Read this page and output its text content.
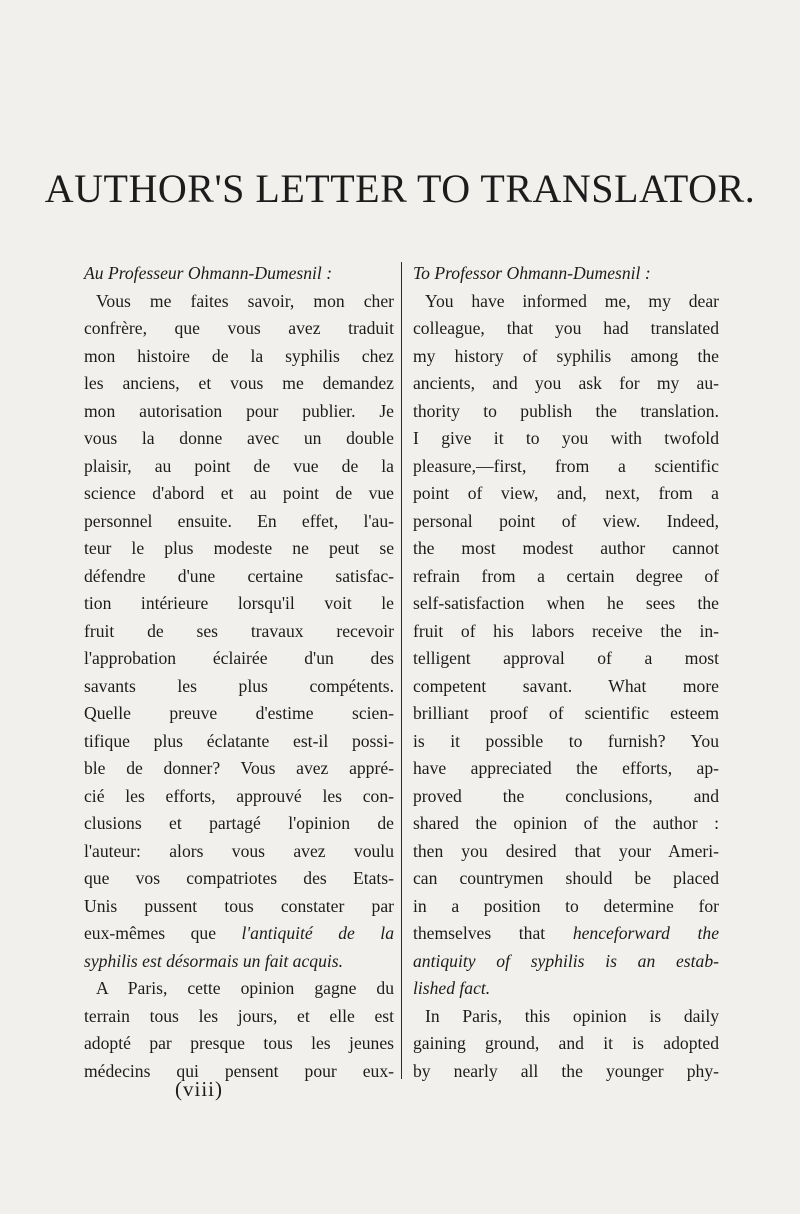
AUTHOR'S LETTER TO TRANSLATOR.
Au Professeur Ohmann-Dumesnil :
Vous me faites savoir, mon cher
confrère, que vous avez traduit
mon histoire de la syphilis chez
les anciens, et vous me demandez
mon autorisation pour publier. Je
vous la donne avec un double
plaisir, au point de vue de la
science d'abord et au point de vue
personnel ensuite. En effet, l'au-
teur le plus modeste ne peut se
défendre d'une certaine satisfac-
tion intérieure lorsqu'il voit le
fruit de ses travaux recevoir
l'approbation éclairée d'un des
savants les plus compétents.
Quelle preuve d'estime scien-
tifique plus éclatante est-il possi-
ble de donner? Vous avez appré-
cié les efforts, approuvé les con-
clusions et partagé l'opinion de
l'auteur: alors vous avez voulu
que vos compatriotes des Etats-
Unis pussent tous constater par
eux-mêmes que l'antiquité de la
syphilis est désormais un fait acquis.
A Paris, cette opinion gagne du
terrain tous les jours, et elle est
adopté par presque tous les jeunes
médecins qui pensent pour eux-
To Professor Ohmann-Dumesnil :
You have informed me, my dear
colleague, that you had translated
my history of syphilis among the
ancients, and you ask for my au-
thority to publish the translation.
I give it to you with twofold
pleasure,—first, from a scientific
point of view, and, next, from a
personal point of view. Indeed,
the most modest author cannot
refrain from a certain degree of
self-satisfaction when he sees the
fruit of his labors receive the in-
telligent approval of a most
competent savant. What more
brilliant proof of scientific esteem
is it possible to furnish? You
have appreciated the efforts, ap-
proved the conclusions, and
shared the opinion of the author :
then you desired that your Ameri-
can countrymen should be placed
in a position to determine for
themselves that henceforward the
antiquity of syphilis is an estab-
lished fact.
In Paris, this opinion is daily
gaining ground, and it is adopted
by nearly all the younger phy-
(viii)
